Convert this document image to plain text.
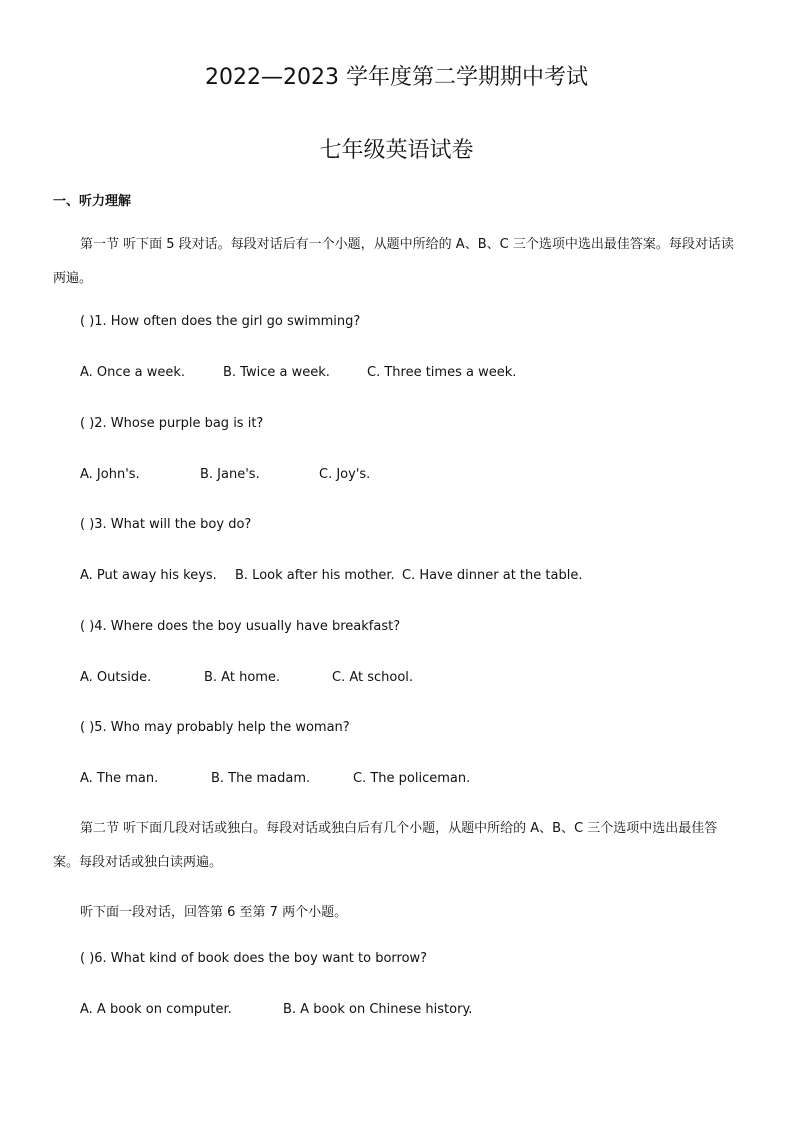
2022—2023 学年度第二学期期中考试
七年级英语试卷
一、听力理解
第一节 听下面 5 段对话。每段对话后有一个小题，从题中所给的 A、B、C 三个选项中选出最佳答案。每段对话读两遍。
( )1. How often does the girl go swimming?
A. Once a week.	B. Twice a week.	C. Three times a week.
( )2. Whose purple bag is it?
A. John's.	B. Jane's.	C. Joy's.
( )3. What will the boy do?
A. Put away his keys. B. Look after his mother. C. Have dinner at the table.
( )4. Where does the boy usually have breakfast?
A. Outside.	B. At home.	C. At school.
( )5. Who may probably help the woman?
A. The man.	B. The madam.	C. The policeman.
第二节 听下面几段对话或独白。每段对话或独白后有几个小题，从题中所给的 A、B、C 三个选项中选出最佳答案。每段对话或独白读两遍。
听下面一段对话，回答第 6 至第 7 两个小题。
( )6. What kind of book does the boy want to borrow?
A. A book on computer.	B. A book on Chinese history.
